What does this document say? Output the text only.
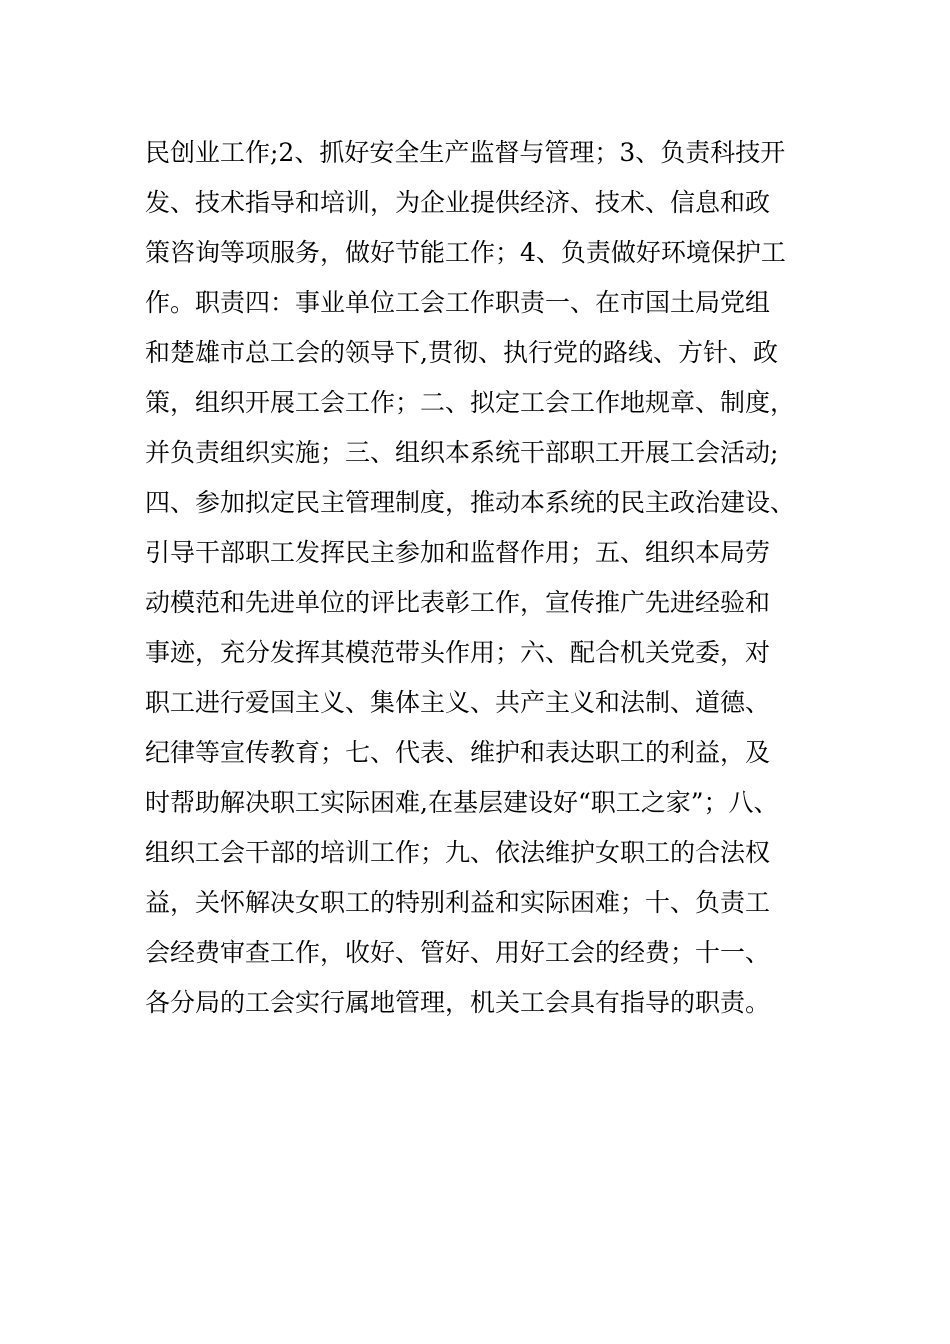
民创业工作;2、抓好安全生产监督与管理；3、负责科技开
发、技术指导和培训，为企业提供经济、技术、信息和政
策咨询等项服务，做好节能工作；4、负责做好环境保护工
作。职责四：事业单位工会工作职责一、在市国土局党组
和楚雄市总工会的领导下,贯彻、执行党的路线、方针、政
策，组织开展工会工作；二、拟定工会工作地规章、制度，
并负责组织实施；三、组织本系统干部职工开展工会活动;
四、参加拟定民主管理制度，推动本系统的民主政治建设、
引导干部职工发挥民主参加和监督作用；五、组织本局劳
动模范和先进单位的评比表彰工作，宣传推广先进经验和
事迹，充分发挥其模范带头作用；六、配合机关党委，对
职工进行爱国主义、集体主义、共产主义和法制、道德、
纪律等宣传教育；七、代表、维护和表达职工的利益，及
时帮助解决职工实际困难,在基层建设好“职工之家”；八、
组织工会干部的培训工作；九、依法维护女职工的合法权
益，关怀解决女职工的特别利益和实际困难；十、负责工
会经费审查工作，收好、管好、用好工会的经费；十一、
各分局的工会实行属地管理，机关工会具有指导的职责。
